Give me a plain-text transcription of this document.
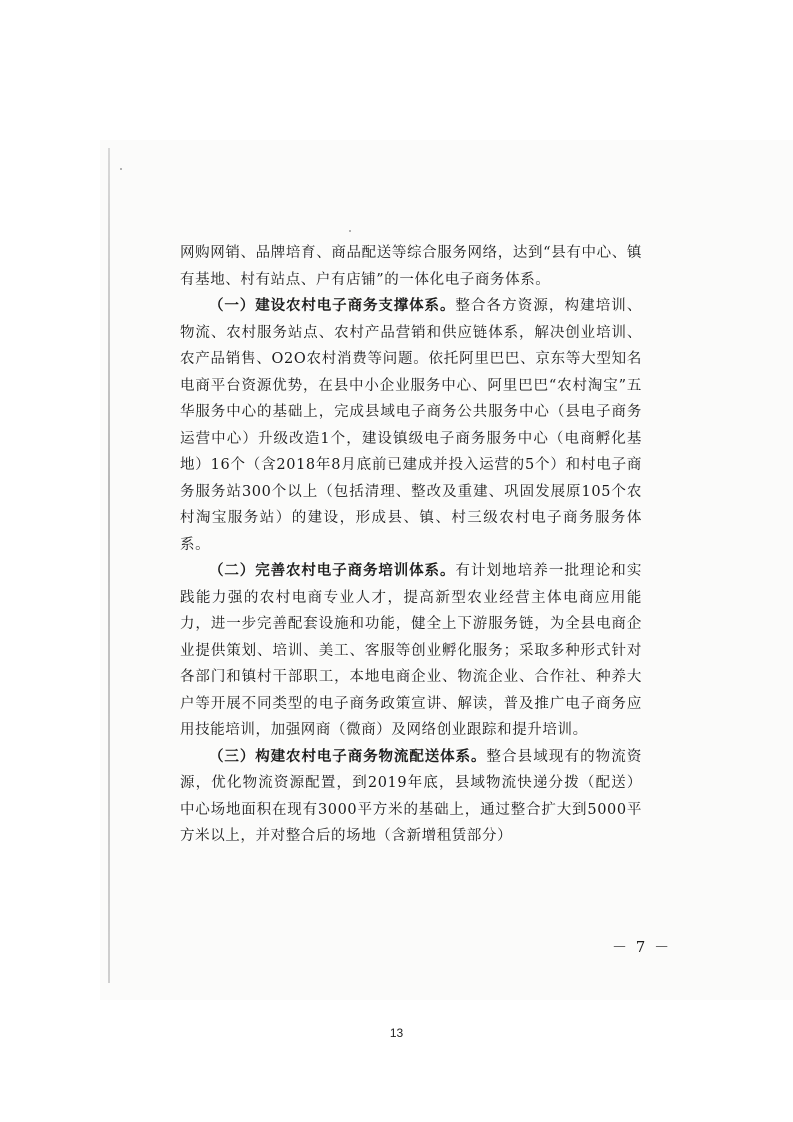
网购网销、品牌培育、商品配送等综合服务网络，达到“县有中心、镇有基地、村有站点、户有店铺”的一体化电子商务体系。

（一）建设农村电子商务支撑体系。整合各方资源，构建培训、物流、农村服务站点、农村产品营销和供应链体系，解决创业培训、农产品销售、O2O农村消费等问题。依托阿里巴巴、京东等大型知名电商平台资源优势，在县中小企业服务中心、阿里巴巴“农村淘宝”五华服务中心的基础上，完成县域电子商务公共服务中心（县电子商务运营中心）升级改造1个，建设镇级电子商务服务中心（电商孵化基地）16个（含2018年8月底前已建成并投入运营的5个）和村电子商务服务站300个以上（包括清理、整改及重建、巩固发展原105个农村淘宝服务站）的建设，形成县、镇、村三级农村电子商务服务体系。

（二）完善农村电子商务培训体系。有计划地培养一批理论和实践能力强的农村电商专业人才，提高新型农业经营主体电商应用能力，进一步完善配套设施和功能，健全上下游服务链，为全县电商企业提供策划、培训、美工、客服等创业孵化服务；采取多种形式针对各部门和镇村干部职工，本地电商企业、物流企业、合作社、种养大户等开展不同类型的电子商务政策宣讲、解读，普及推广电子商务应用技能培训，加强网商（微商）及网络创业跟踪和提升培训。

（三）构建农村电子商务物流配送体系。整合县域现有的物流资源，优化物流资源配置，到2019年底，县域物流快递分拨（配送）中心场地面积在现有3000平方米的基础上，通过整合扩大到5000平方米以上，并对整合后的场地（含新增租赁部分）

－ 7 －
13
